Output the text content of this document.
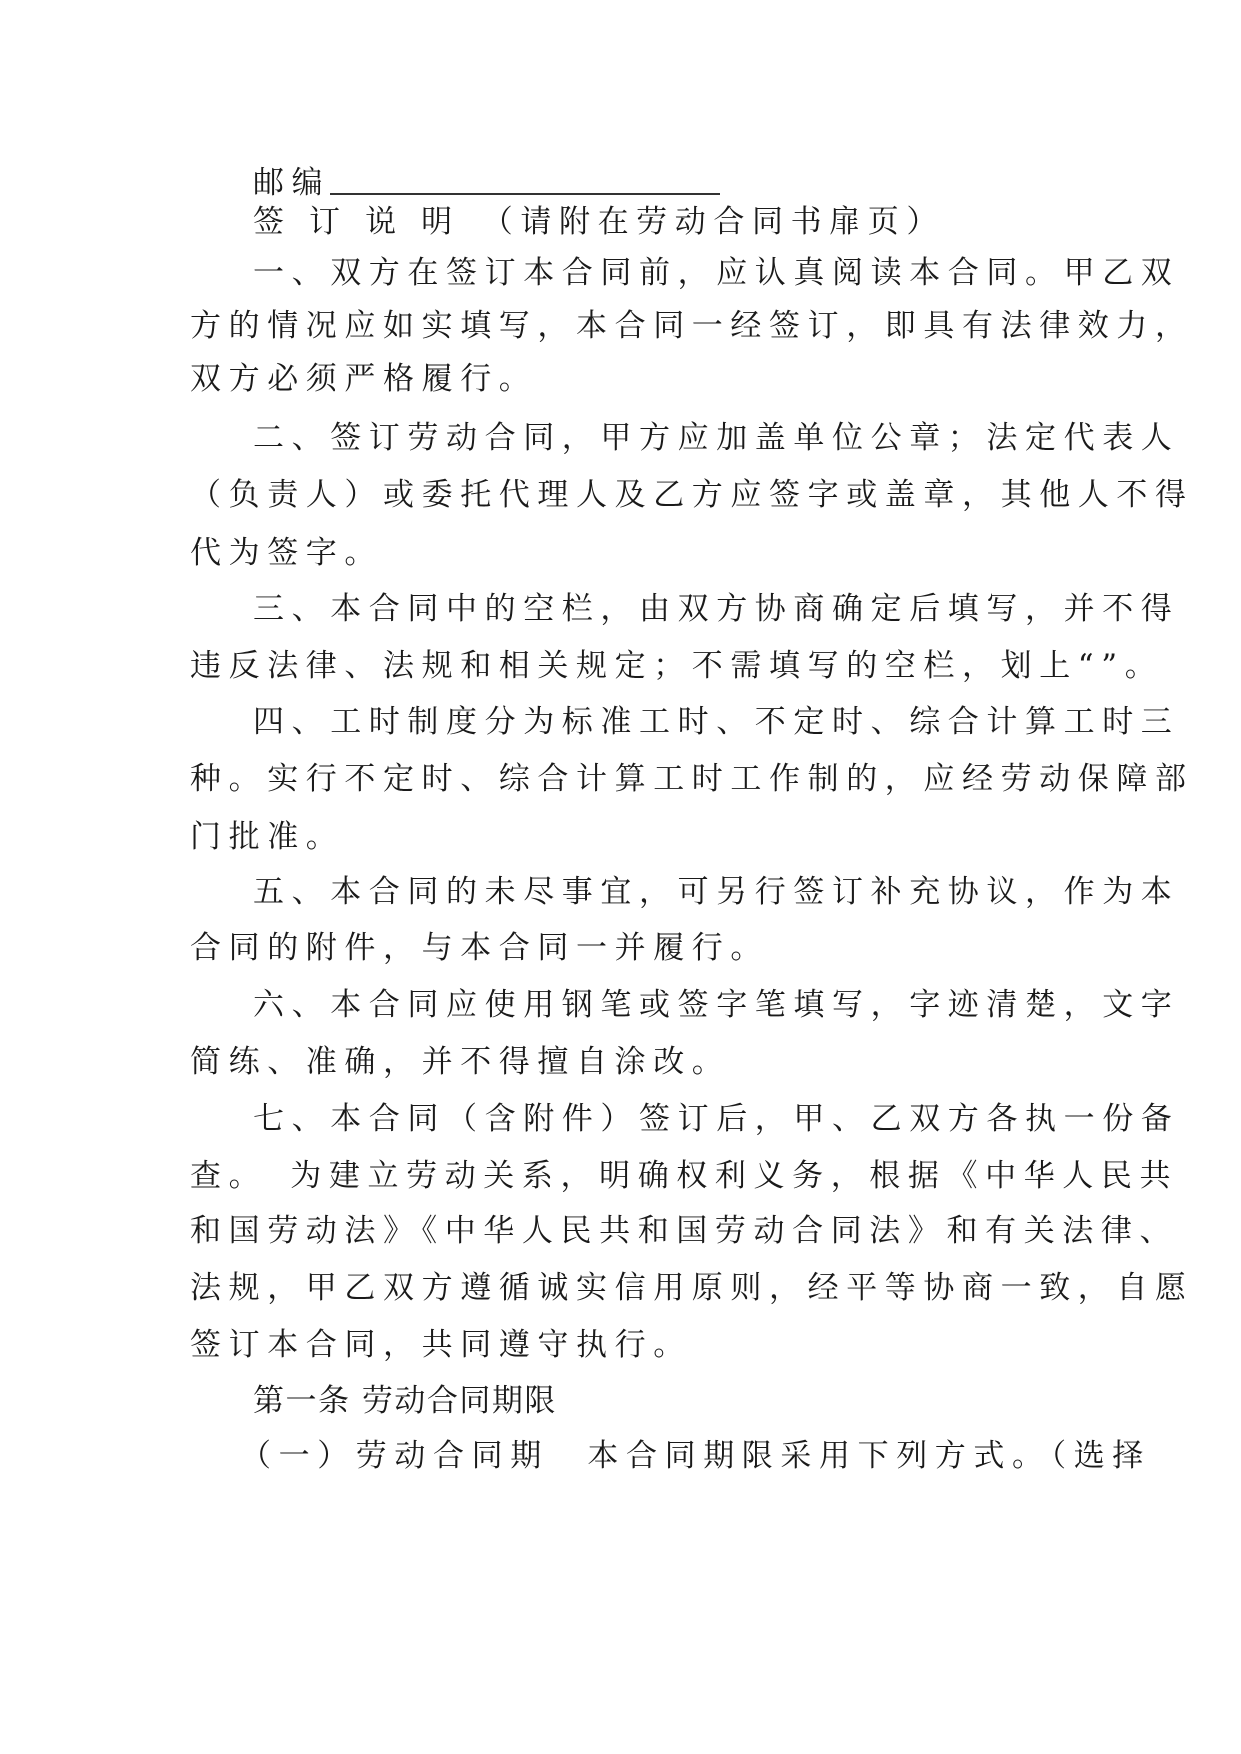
邮编
签 订 说 明 （请附在劳动合同书扉页）
一、双方在签订本合同前，应认真阅读本合同。甲乙双
方的情况应如实填写，本合同一经签订，即具有法律效力，
双方必须严格履行。
二、签订劳动合同，甲方应加盖单位公章；法定代表人
（负责人）或委托代理人及乙方应签字或盖章，其他人不得
代为签字。
三、本合同中的空栏，由双方协商确定后填写，并不得
违反法律、法规和相关规定；不需填写的空栏，划上“”。
四、工时制度分为标准工时、不定时、综合计算工时三
种。实行不定时、综合计算工时工作制的，应经劳动保障部
门批准。
五、本合同的未尽事宜，可另行签订补充协议，作为本
合同的附件，与本合同一并履行。
六、本合同应使用钢笔或签字笔填写，字迹清楚，文字
简练、准确，并不得擅自涂改。
七、本合同（含附件）签订后，甲、乙双方各执一份备
查。　为建立劳动关系，明确权利义务，根据《中华人民共
和国劳动法》《中华人民共和国劳动合同法》和有关法律、
法规，甲乙双方遵循诚实信用原则，经平等协商一致，自愿
签订本合同，共同遵守执行。
第一条 劳动合同期限
（一）劳动合同期　本合同期限采用下列方式。（选择
